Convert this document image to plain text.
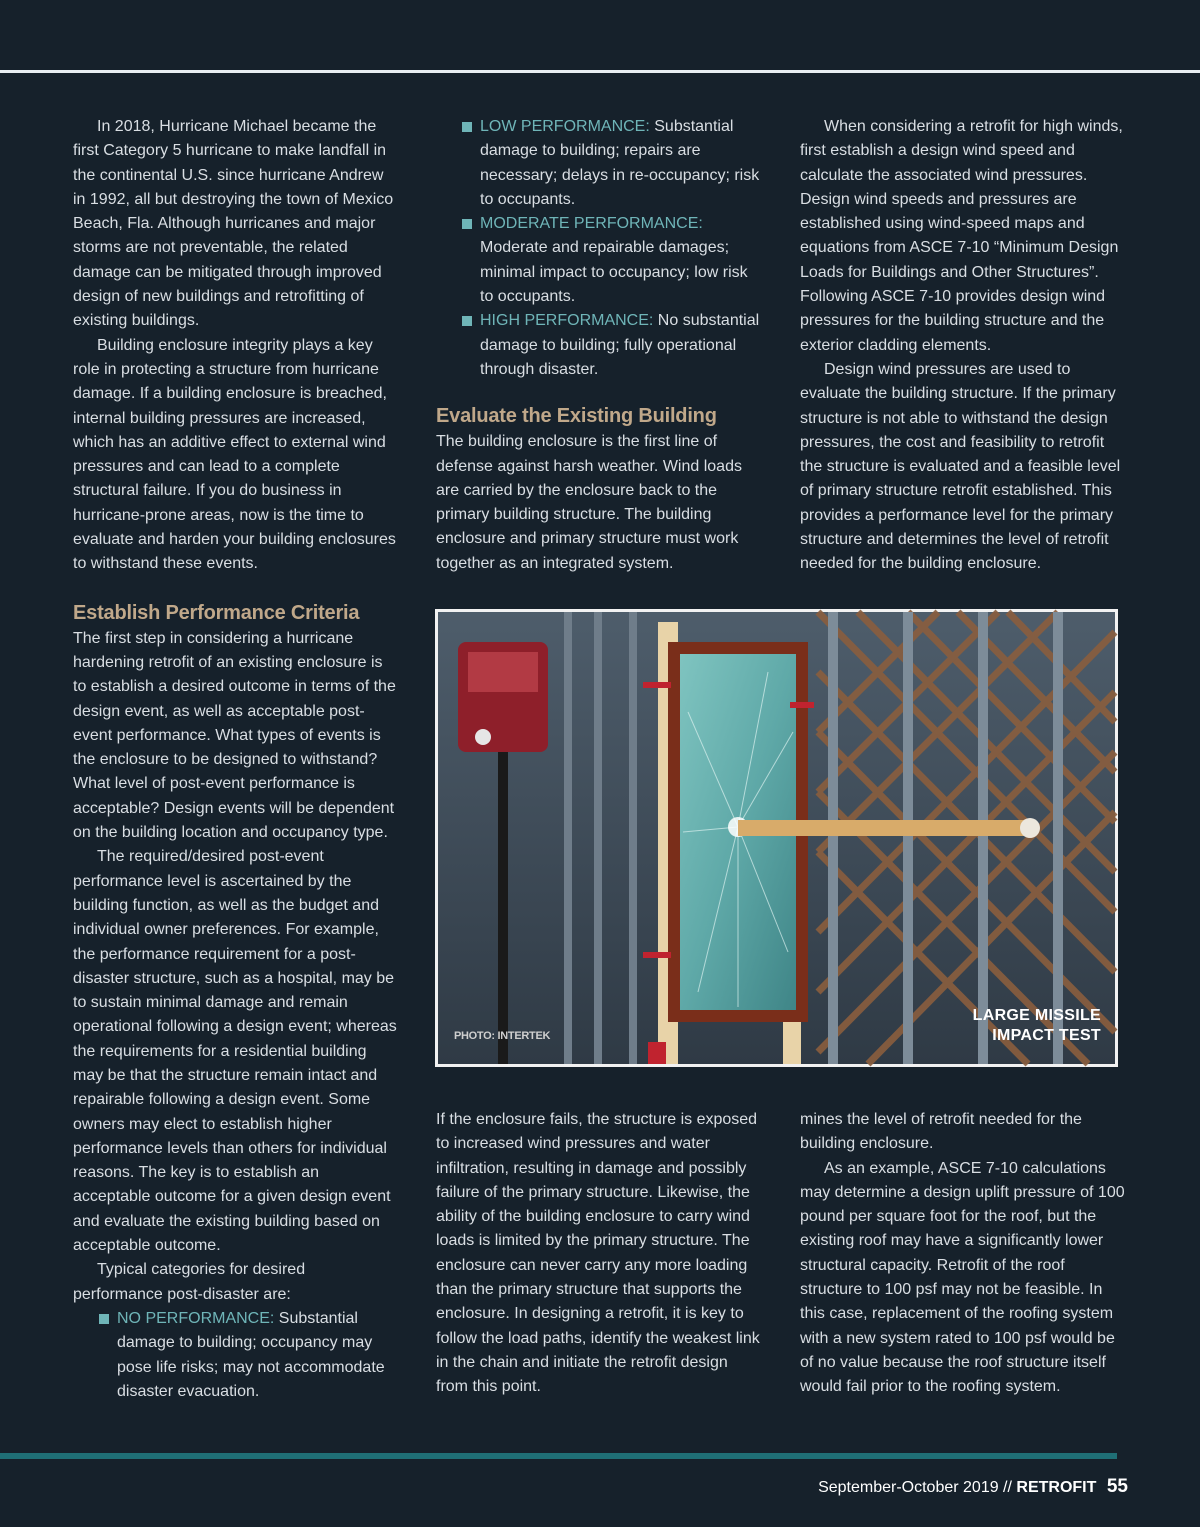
In 2018, Hurricane Michael became the first Category 5 hurricane to make landfall in the continental U.S. since hurricane Andrew in 1992, all but destroying the town of Mexico Beach, Fla. Although hurricanes and major storms are not preventable, the related damage can be mitigated through improved design of new buildings and retrofitting of existing buildings.

Building enclosure integrity plays a key role in protecting a structure from hurricane damage. If a building enclosure is breached, internal building pressures are increased, which has an additive effect to external wind pressures and can lead to a complete structural failure. If you do business in hurricane-prone areas, now is the time to evaluate and harden your building enclosures to withstand these events.

Establish Performance Criteria

The first step in considering a hurricane hardening retrofit of an existing enclosure is to establish a desired outcome in terms of the design event, as well as acceptable post-event performance. What types of events is the enclosure to be designed to withstand? What level of post-event performance is acceptable? Design events will be dependent on the building location and occupancy type.

The required/desired post-event performance level is ascertained by the building function, as well as the budget and individual owner preferences. For example, the performance requirement for a post-disaster structure, such as a hospital, may be to sustain minimal damage and remain operational following a design event; whereas the requirements for a residential building may be that the structure remain intact and repairable following a design event. Some owners may elect to establish higher performance levels than others for individual reasons. The key is to establish an acceptable outcome for a given design event and evaluate the existing building based on acceptable outcome.

Typical categories for desired performance post-disaster are:

NO PERFORMANCE: Substantial damage to building; occupancy may pose life risks; may not accommodate disaster evacuation.
LOW PERFORMANCE: Substantial damage to building; repairs are necessary; delays in re-occupancy; risk to occupants.
MODERATE PERFORMANCE: Moderate and repairable damages; minimal impact to occupancy; low risk to occupants.
HIGH PERFORMANCE: No substantial damage to building; fully operational through disaster.
Evaluate the Existing Building

The building enclosure is the first line of defense against harsh weather. Wind loads are carried by the enclosure back to the primary building structure. The building enclosure and primary structure must work together as an integrated system.

If the enclosure fails, the structure is exposed to increased wind pressures and water infiltration, resulting in damage and possibly failure of the primary structure. Likewise, the ability of the building enclosure to carry wind loads is limited by the primary structure. The enclosure can never carry any more loading than the primary structure that supports the enclosure. In designing a retrofit, it is key to follow the load paths, identify the weakest link in the chain and initiate the retrofit design from this point.

When considering a retrofit for high winds, first establish a design wind speed and calculate the associated wind pressures. Design wind speeds and pressures are established using wind-speed maps and equations from ASCE 7-10 “Minimum Design Loads for Buildings and Other Structures”. Following ASCE 7-10 provides design wind pressures for the building structure and the exterior cladding elements.

Design wind pressures are used to evaluate the building structure. If the primary structure is not able to withstand the design pressures, the cost and feasibility to retrofit the structure is evaluated and a feasible level of primary structure retrofit established. This provides a performance level for the primary structure and determines the level of retrofit needed for the building enclosure.

mines the level of retrofit needed for the building enclosure.

As an example, ASCE 7-10 calculations may determine a design uplift pressure of 100 pound per square foot for the roof, but the existing roof may have a significantly lower structural capacity. Retrofit of the roof structure to 100 psf may not be feasible. In this case, replacement of the roofing system with a new system rated to 100 psf would be of no value because the roof structure itself would fail prior to the roofing system.

PHOTO: INTERTEK
LARGE MISSILE
IMPACT TEST
September-October 2019 // RETROFIT 55
